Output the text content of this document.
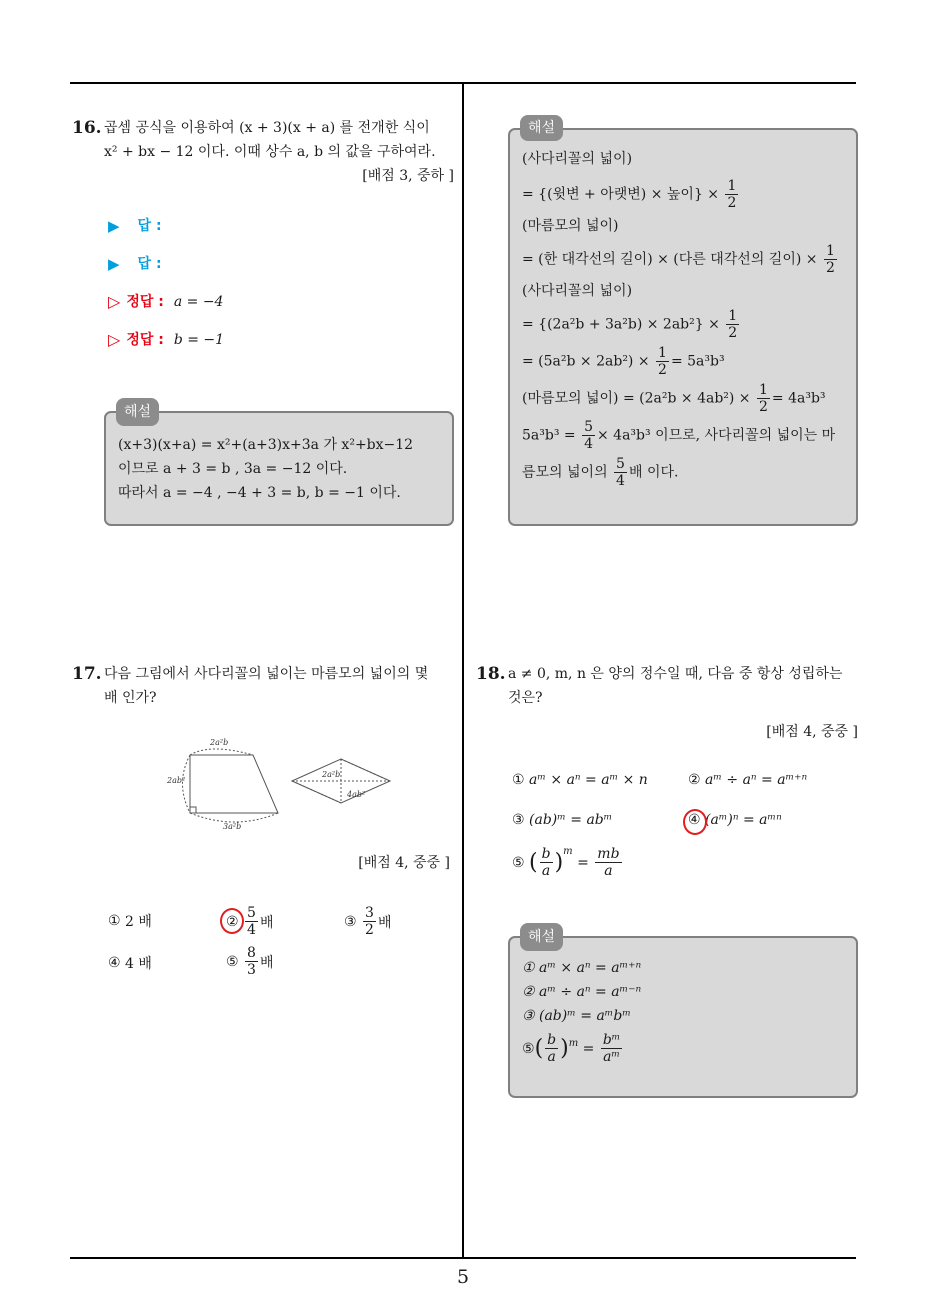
5
16. 곱셈 공식을 이용하여 (x + 3)(x + a) 를 전개한 식이
x² + bx − 12 이다. 이때 상수 a, b 의 값을 구하여라.
[배점 3, 중하 ]
▶ 답 :
▶ 답 :
▷ 정답 : a = −4
▷ 정답 : b = −1
해설
(x+3)(x+a) = x²+(a+3)x+3a 가 x²+bx−12
이므로 a + 3 = b , 3a = −12 이다.
따라서 a = −4 , −4 + 3 = b, b = −1 이다.
해설
(사다리꼴의 넓이)
= {(윗변 + 아랫변) × 높이} × $\frac{1}{2}$
(마름모의 넓이)
= (한 대각선의 길이) × (다른 대각선의 길이) × $\frac{1}{2}$
(사다리꼴의 넓이)
= $\{(2a^2b + 3a^2b) \times 2ab^2\} \times \frac{1}{2}$
= $(5a^2b \times 2ab^2) \times \frac{1}{2} = 5a^3b^3$
(마름모의 넓이) = $(2a^2b \times 4ab^2) \times \frac{1}{2} = 4a^3b^3$
$5a^3b^3 = \frac{5}{4} \times 4a^3b^3$ 이므로, 사다리꼴의 넓이는 마
름모의 넓이의 $\frac{5}{4}$ 배 이다.
17. 다음 그림에서 사다리꼴의 넓이는 마름모의 넓이의 몇
배 인가?
2a²b
2ab²
3a²b
2a²b
4ab²
[배점 4, 중중 ]
①
2 배	②
$\frac{5}{4}$ 배	③
$\frac{3}{2}$ 배
④
4 배	⑤
$\frac{8}{3}$ 배
18. a ≠ 0, m, n 은 양의 정수일 때, 다음 중 항상 성립하는
것은?
[배점 4, 중중 ]
①
aᵐ × aⁿ = aᵐ × n	②
aᵐ ÷ aⁿ = aᵐ⁺ⁿ
③
(ab)ᵐ = abᵐ	④
(aᵐ)ⁿ = aᵐⁿ
⑤
( $\frac{b}{a} )^m$
= $\frac{mb}{a}$
해설
① aᵐ × aⁿ = aᵐ⁺ⁿ
② aᵐ ÷ aⁿ = aᵐ⁻ⁿ
③ (ab)ᵐ = aᵐbᵐ
⑤ ( $\frac{b}{a} )^m = \frac{\text{bᵐ}}{\text{aᵐ}}$
